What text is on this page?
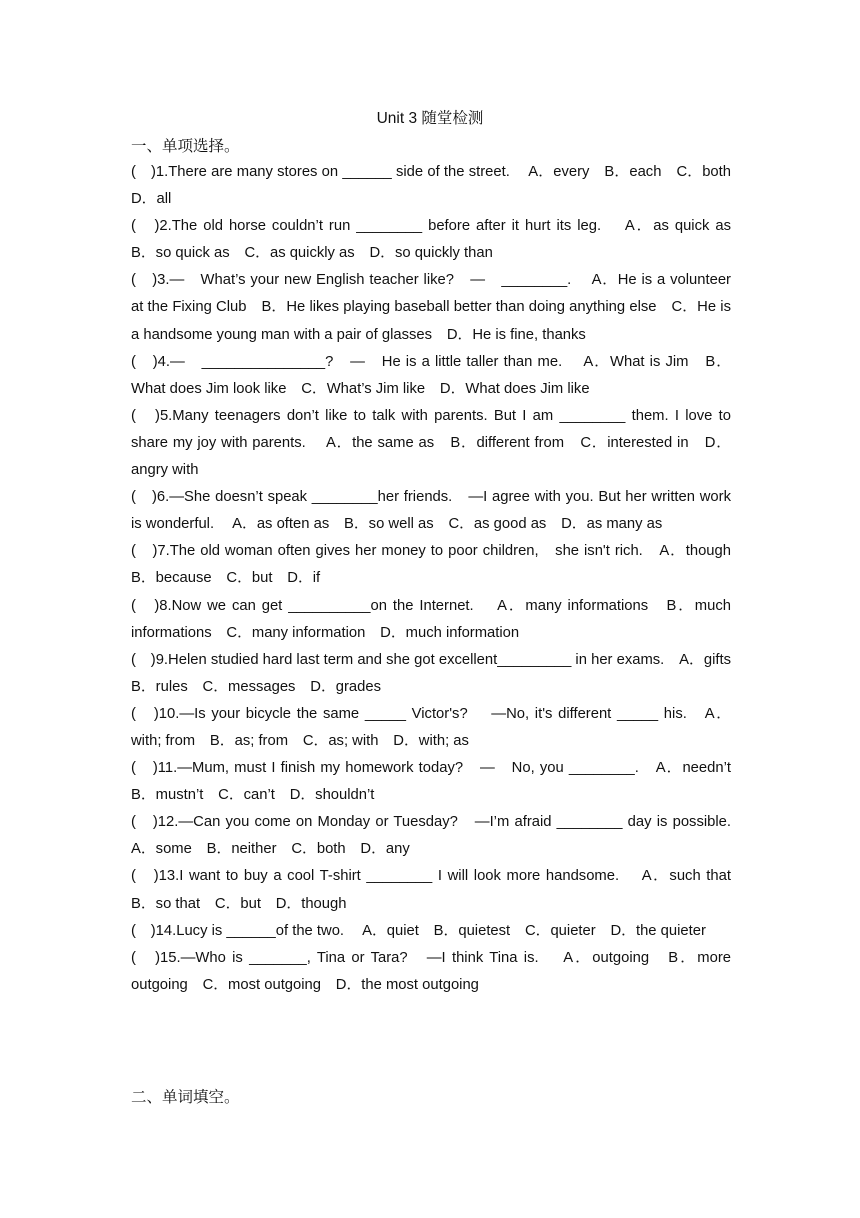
Unit 3 随堂检测
一、单项选择。

(　)1.There are many stores on ______ side of the street.　 A．every　B．each　C．both　D．all

(　)2.The old horse couldn’t run ________ before after it hurt its leg.　 A．as quick as　B．so quick as　C．as quickly as　D．so quickly than

(　)3.—　What’s your new English teacher like?　—　________.　 A．He is a volunteer at the Fixing Club　B．He likes playing baseball better than doing anything else　C．He is a handsome young man with a pair of glasses　D．He is fine, thanks

(　)4.—　_______________?　—　He is a little taller than me.　 A．What is Jim　B．What does Jim look like　C．What’s Jim like　D．What does Jim like

(　)5.Many teenagers don’t like to talk with parents. But I am ________ them. I love to share my joy with parents.　 A．the same as　B．different from　C．interested in　D．angry with

(　)6.—She doesn’t speak ________her friends.　—I agree with you. But her written work is wonderful.　 A．as often as　B．so well as　C．as good as　D．as many as

(　)7.The old woman often gives her money to poor children,　she isn't rich.　A．though　B．because　C．but　D．if

(　)8.Now we can get __________on the Internet.　 A．many informations　B．much informations　C．many information　D．much information

(　)9.Helen studied hard last term and she got excellent_________ in her exams.　A．gifts　B．rules　C．messages　D．grades

(　)10.—Is your bicycle the same _____ Victor's?　 —No, it's different _____ his.　A．with; from　B．as; from　C．as; with　D．with; as

(　)11.—Mum, must I finish my homework today?　—　No, you ________.　A．needn’t　B．mustn’t　C．can’t　D．shouldn’t

(　)12.—Can you come on Monday or Tuesday?　—I’m afraid ________ day is possible.　 A．some　B．neither　C．both　D．any

(　)13.I want to buy a cool T-shirt ________ I will look more handsome.　 A．such that　B．so that　C．but　D．though

(　)14.Lucy is ______of the two.　 A．quiet　B．quietest　C．quieter　D．the quieter

(　)15.—Who is _______, Tina or Tara?　—I think Tina is.　 A．outgoing　B．more outgoing　C．most outgoing　D．the most outgoing

二、单词填空。
